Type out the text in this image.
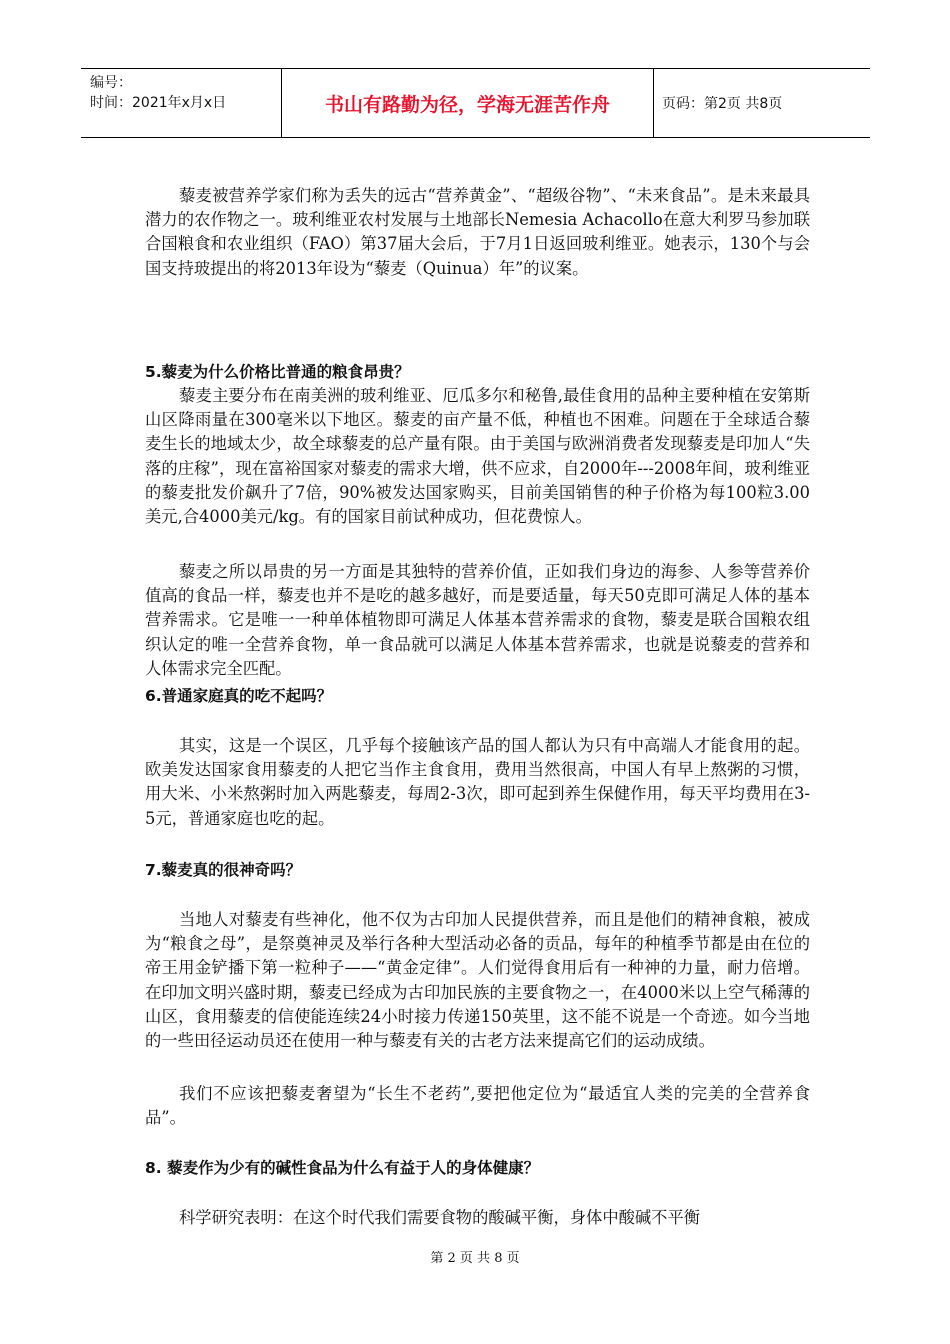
编号：
时间：2021年x月x日	书山有路勤为径，学海无涯苦作舟	页码：第2页 共8页

藜麦被营养学家们称为丢失的远古“营养黄金”、“超级谷物”、“未来食品”。是未来最具潜力的农作物之一。玻利维亚农村发展与土地部长Nemesia Achacollo在意大利罗马参加联合国粮食和农业组织（FAO）第37届大会后，于7月1日返回玻利维亚。她表示，130个与会国支持玻提出的将2013年设为“藜麦（Quinua）年”的议案。

5.藜麦为什么价格比普通的粮食昂贵？

藜麦主要分布在南美洲的玻利维亚、厄瓜多尔和秘鲁,最佳食用的品种主要种植在安第斯山区降雨量在300毫米以下地区。藜麦的亩产量不低，种植也不困难。问题在于全球适合藜麦生长的地域太少，故全球藜麦的总产量有限。由于美国与欧洲消费者发现藜麦是印加人“失落的庄稼”，现在富裕国家对藜麦的需求大增，供不应求，自2000年---2008年间，玻利维亚的藜麦批发价飙升了7倍，90%被发达国家购买，目前美国销售的种子价格为每100粒3.00美元,合4000美元/kg。有的国家目前试种成功，但花费惊人。

藜麦之所以昂贵的另一方面是其独特的营养价值，正如我们身边的海参、人参等营养价值高的食品一样，藜麦也并不是吃的越多越好，而是要适量，每天50克即可满足人体的基本营养需求。它是唯一一种单体植物即可满足人体基本营养需求的食物，藜麦是联合国粮农组织认定的唯一全营养食物，单一食品就可以满足人体基本营养需求，也就是说藜麦的营养和人体需求完全匹配。

6.普通家庭真的吃不起吗？

其实，这是一个误区，几乎每个接触该产品的国人都认为只有中高端人才能食用的起。欧美发达国家食用藜麦的人把它当作主食食用，费用当然很高，中国人有早上熬粥的习惯，用大米、小米熬粥时加入两匙藜麦，每周2-3次，即可起到养生保健作用，每天平均费用在3-5元，普通家庭也吃的起。

7.藜麦真的很神奇吗？

当地人对藜麦有些神化，他不仅为古印加人民提供营养，而且是他们的精神食粮，被成为“粮食之母”，是祭奠神灵及举行各种大型活动必备的贡品，每年的种植季节都是由在位的帝王用金铲播下第一粒种子——“黄金定律”。人们觉得食用后有一种神的力量，耐力倍增。在印加文明兴盛时期，藜麦已经成为古印加民族的主要食物之一，在4000米以上空气稀薄的山区，食用藜麦的信使能连续24小时接力传递150英里，这不能不说是一个奇迹。如今当地的一些田径运动员还在使用一种与藜麦有关的古老方法来提高它们的运动成绩。

我们不应该把藜麦奢望为“长生不老药”,要把他定位为“最适宜人类的完美的全营养食品”。

8. 藜麦作为少有的碱性食品为什么有益于人的身体健康？

科学研究表明：在这个时代我们需要食物的酸碱平衡，身体中酸碱不平衡

第 2 页 共 8 页
